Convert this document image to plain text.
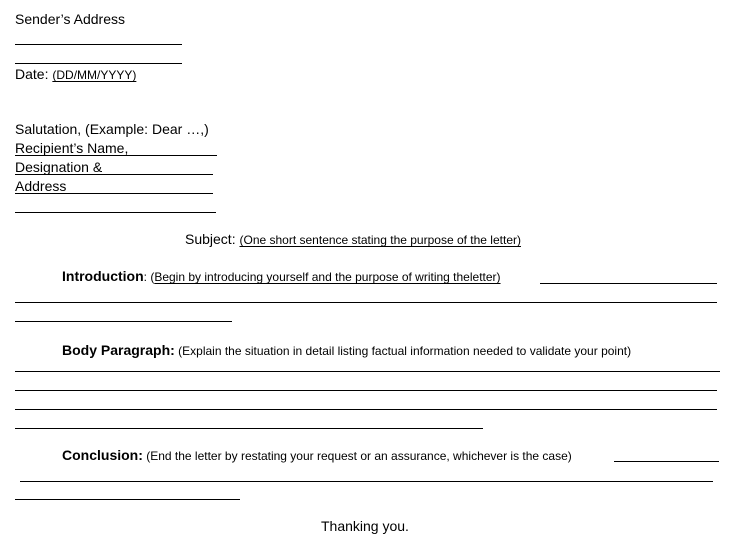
Sender’s Address
Date: (DD/MM/YYYY)
Salutation, (Example: Dear …,)
Recipient’s Name,
Designation &
Address
Subject: (One short sentence stating the purpose of the letter)
Introduction: (Begin by introducing yourself and the purpose of writing theletter)
Body Paragraph: (Explain the situation in detail listing factual information needed to validate your point)
Conclusion: (End the letter by restating your request or an assurance, whichever is the case)
Thanking you.
